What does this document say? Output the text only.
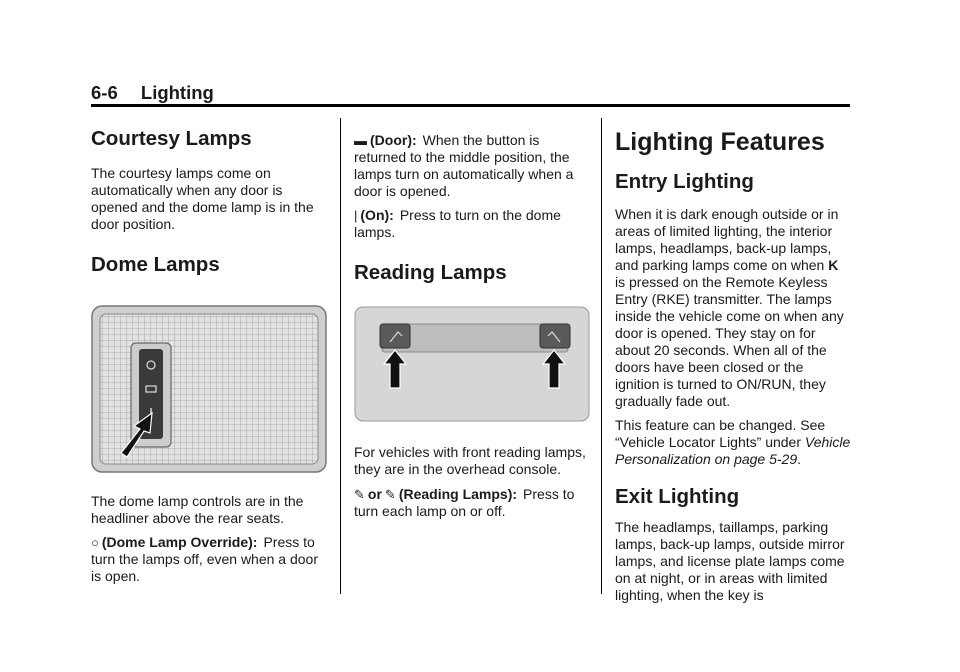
6-6 Lighting
Courtesy Lamps

The courtesy lamps come on automatically when any door is opened and the dome lamp is in the door position.

Dome Lamps

The dome lamp controls are in the headliner above the rear seats.

○ (Dome Lamp Override): Press to turn the lamps off, even when a door is open.

▬ (Door): When the button is returned to the middle position, the lamps turn on automatically when a door is opened.

| (On): Press to turn on the dome lamps.

Reading Lamps

For vehicles with front reading lamps, they are in the overhead console.

✎ or ✎ (Reading Lamps): Press to turn each lamp on or off.

Lighting Features
Entry Lighting

When it is dark enough outside or in areas of limited lighting, the interior lamps, headlamps, back-up lamps, and parking lamps come on when K is pressed on the Remote Keyless Entry (RKE) transmitter. The lamps inside the vehicle come on when any door is opened. They stay on for about 20 seconds. When all of the doors have been closed or the ignition is turned to ON/RUN, they gradually fade out.

This feature can be changed. See “Vehicle Locator Lights” under Vehicle Personalization on page 5-29.

Exit Lighting

The headlamps, taillamps, parking lamps, back-up lamps, outside mirror lamps, and license plate lamps come on at night, or in areas with limited lighting, when the key is
